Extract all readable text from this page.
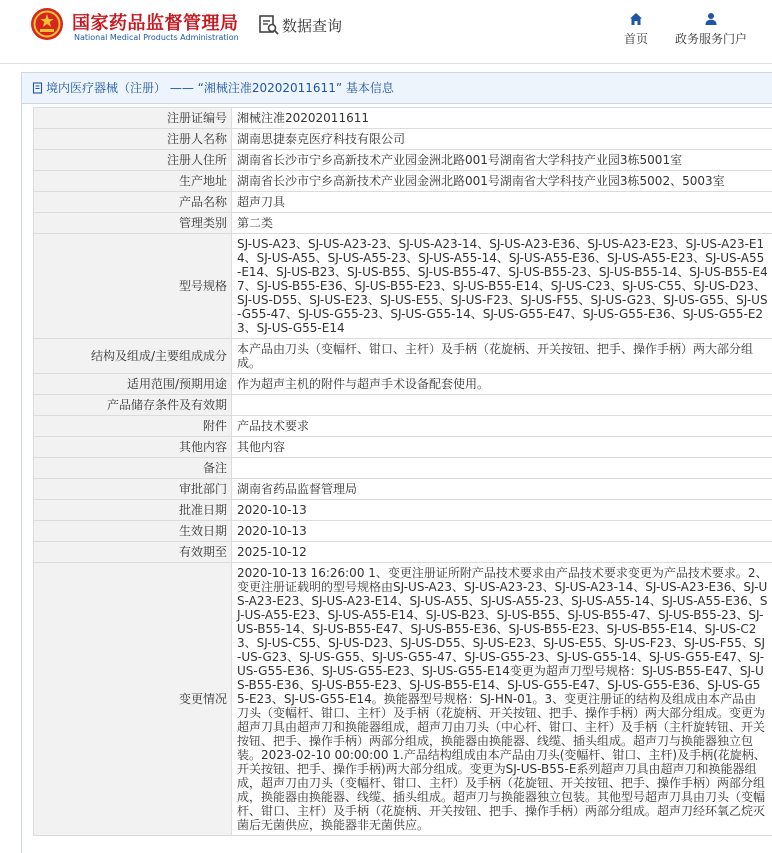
国家药品监督管理局
National Medical Products Administration
数据查询
首页	政务服务门户
境内医疗器械（注册） —— “湘械注准20202011611” 基本信息
注册证编号	湘械注准20202011611
注册人名称	湖南思捷泰克医疗科技有限公司
注册人住所	湖南省长沙市宁乡高新技术产业园金洲北路001号湖南省大学科技产业园3栋5001室
生产地址	湖南省长沙市宁乡高新技术产业园金洲北路001号湖南省大学科技产业园3栋5002、5003室
产品名称	超声刀具
管理类别	第二类
型号规格	SJ-US-A23、SJ-US-A23-23、SJ-US-A23-14、SJ-US-A23-E36、SJ-US-A23-E23、SJ-US-A23-E14、SJ-US-A55、SJ-US-A55-23、SJ-US-A55-14、SJ-US-A55-E36、SJ-US-A55-E23、SJ-US-A55-E14、SJ-US-B23、SJ-US-B55、SJ-US-B55-47、SJ-US-B55-23、SJ-US-B55-14、SJ-US-B55-E47、SJ-US-B55-E36、SJ-US-B55-E23、SJ-US-B55-E14、SJ-US-C23、SJ-US-C55、SJ-US-D23、SJ-US-D55、SJ-US-E23、SJ-US-E55、SJ-US-F23、SJ-US-F55、SJ-US-G23、SJ-US-G55、SJ-US-G55-47、SJ-US-G55-23、SJ-US-G55-14、SJ-US-G55-E47、SJ-US-G55-E36、SJ-US-G55-E23、SJ-US-G55-E14
结构及组成/主要组成成分	本产品由刀头（变幅杆、钳口、主杆）及手柄（花旋柄、开关按钮、把手、操作手柄）两大部分组成。
适用范围/预期用途	作为超声主机的附件与超声手术设备配套使用。
产品储存条件及有效期	
附件	产品技术要求
其他内容	其他内容
备注	
审批部门	湖南省药品监督管理局
批准日期	2020-10-13
生效日期	2020-10-13
有效期至	2025-10-12
变更情况	2020-10-13 16:26:00 1、变更注册证所附产品技术要求由产品技术要求变更为产品技术要求。2、变更注册证载明的型号规格由SJ-US-A23、SJ-US-A23-23、SJ-US-A23-14、SJ-US-A23-E36、SJ-US-A23-E23、SJ-US-A23-E14、SJ-US-A55、SJ-US-A55-23、SJ-US-A55-14、SJ-US-A55-E36、SJ-US-A55-E23、SJ-US-A55-E14、SJ-US-B23、SJ-US-B55、SJ-US-B55-47、SJ-US-B55-23、SJ-US-B55-14、SJ-US-B55-E47、SJ-US-B55-E36、SJ-US-B55-E23、SJ-US-B55-E14、SJ-US-C23、SJ-US-C55、SJ-US-D23、SJ-US-D55、SJ-US-E23、SJ-US-E55、SJ-US-F23、SJ-US-F55、SJ-US-G23、SJ-US-G55、SJ-US-G55-47、SJ-US-G55-23、SJ-US-G55-14、SJ-US-G55-E47、SJ-US-G55-E36、SJ-US-G55-E23、SJ-US-G55-E14变更为超声刀型号规格：SJ-US-B55-E47、SJ-US-B55-E36、SJ-US-B55-E23、SJ-US-B55-E14、SJ-US-G55-E47、SJ-US-G55-E36、SJ-US-G55-E23、SJ-US-G55-E14。换能器型号规格：SJ-HN-01。3、变更注册证的结构及组成由本产品由刀头（变幅杆、钳口、主杆）及手柄（花旋柄、开关按钮、把手、操作手柄）两大部分组成。变更为超声刀具由超声刀和换能器组成，超声刀由刀头（中心杆、钳口、主杆）及手柄（主杆旋转钮、开关按钮、把手、操作手柄）两部分组成，换能器由换能器、线缆、插头组成。超声刀与换能器独立包装。2023-02-10 00:00:00 1.产品结构组成由本产品由刀头(变幅杆、钳口、主杆)及手柄(花旋柄、开关按钮、把手、操作手柄)两大部分组成。变更为SJ-US-B55-E系列超声刀具由超声刀和换能器组成，超声刀由刀头（变幅杆、钳口、主杆）及手柄（花旋钮、开关按钮、把手、操作手柄）两部分组成，换能器由换能器、线缆、插头组成。超声刀与换能器独立包装。其他型号超声刀具由刀头（变幅杆、钳口、主杆）及手柄（花旋柄、开关按钮、把手、操作手柄）两部分组成。超声刀经环氧乙烷灭菌后无菌供应，换能器非无菌供应。
